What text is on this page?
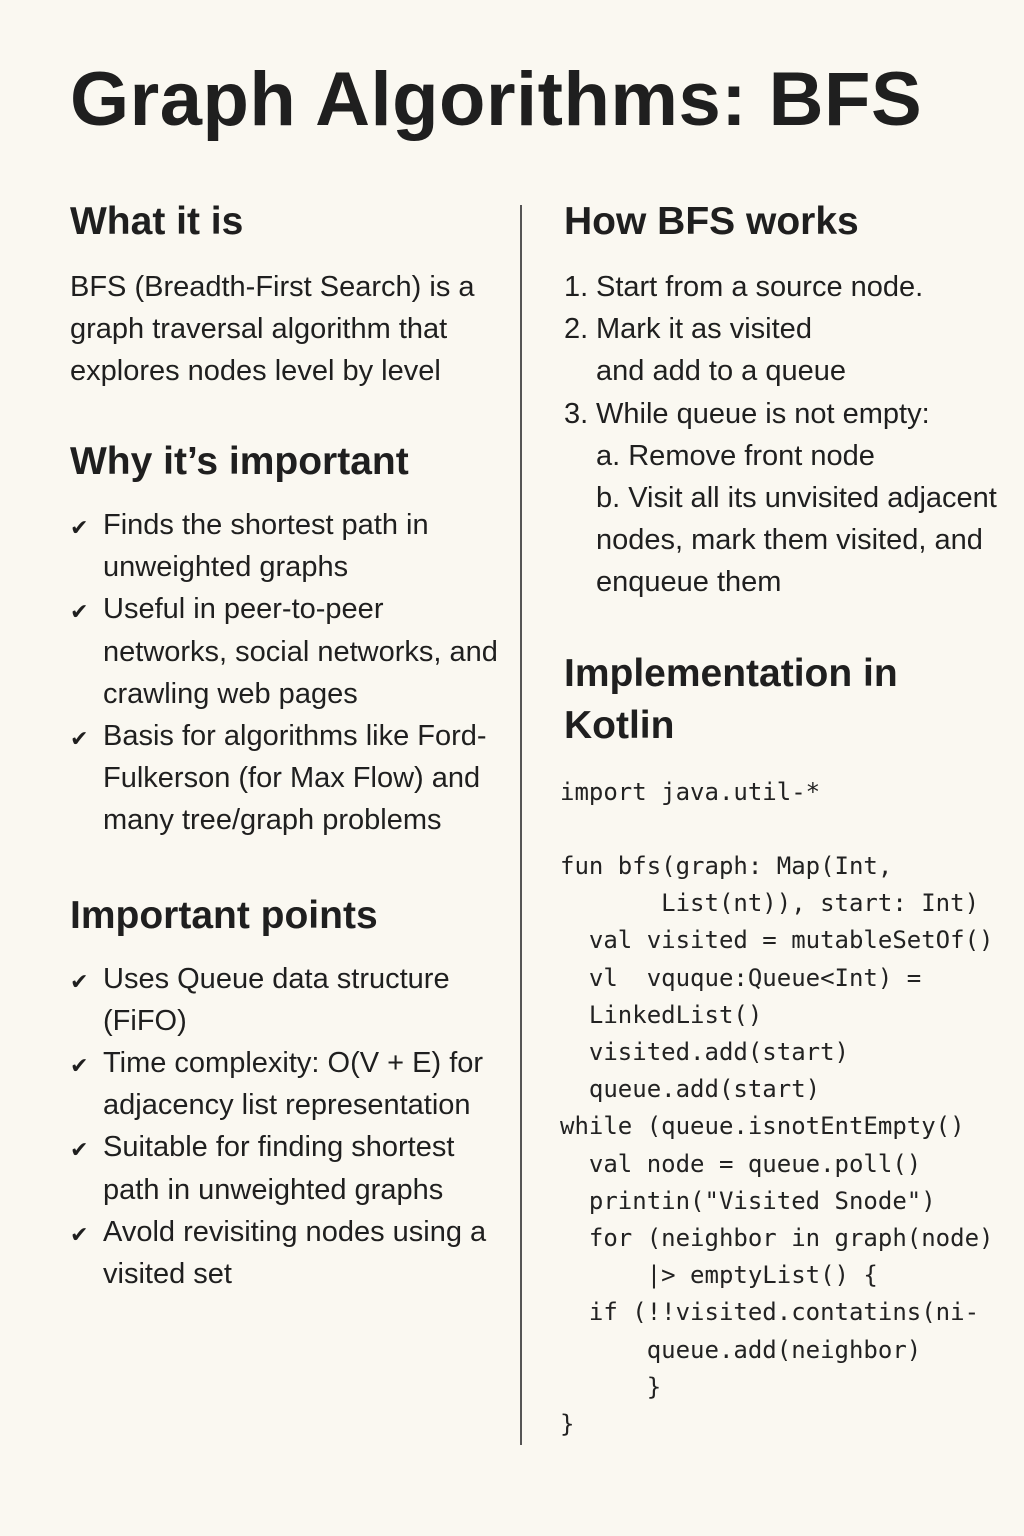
Graph Algorithms: BFS
What it is

BFS (Breadth-First Search) is a graph traversal algorithm that explores nodes level by level

Why it’s important
✔ Finds the shortest path in unweighted graphs
✔ Useful in peer-to-peer networks, social networks, and crawling web pages
✔ Basis for algorithms like Ford-Fulkerson (for Max Flow) and many tree/graph problems
Important points
✔ Uses Queue data structure (FiFO)
✔ Time complexity: O(V + E) for adjacency list representation
✔ Suitable for finding shortest path in unweighted graphs
✔ Avold revisiting nodes using a visited set
How BFS works
1. Start from a source node.
2. Mark it as visited
and add to a queue
3. While queue is not empty:
a. Remove front node
b. Visit all its unvisited adjacent nodes, mark them visited, and enqueue them
Implementation in Kotlin
import java.util-*

fun bfs(graph: Map(Int,
List(nt)), start: Int)
val visited = mutableSetOf()
vl  vquque:Queue<Int) =
LinkedList()
visited.add(start)
queue.add(start)
while (queue.isnotEntEmpty()
val node = queue.poll()
printin("Visited Snode")
for (neighbor in graph(node)
|> emptyList() {
if (!!visited.contatins(ni-
queue.add(neighbor)
}
}
